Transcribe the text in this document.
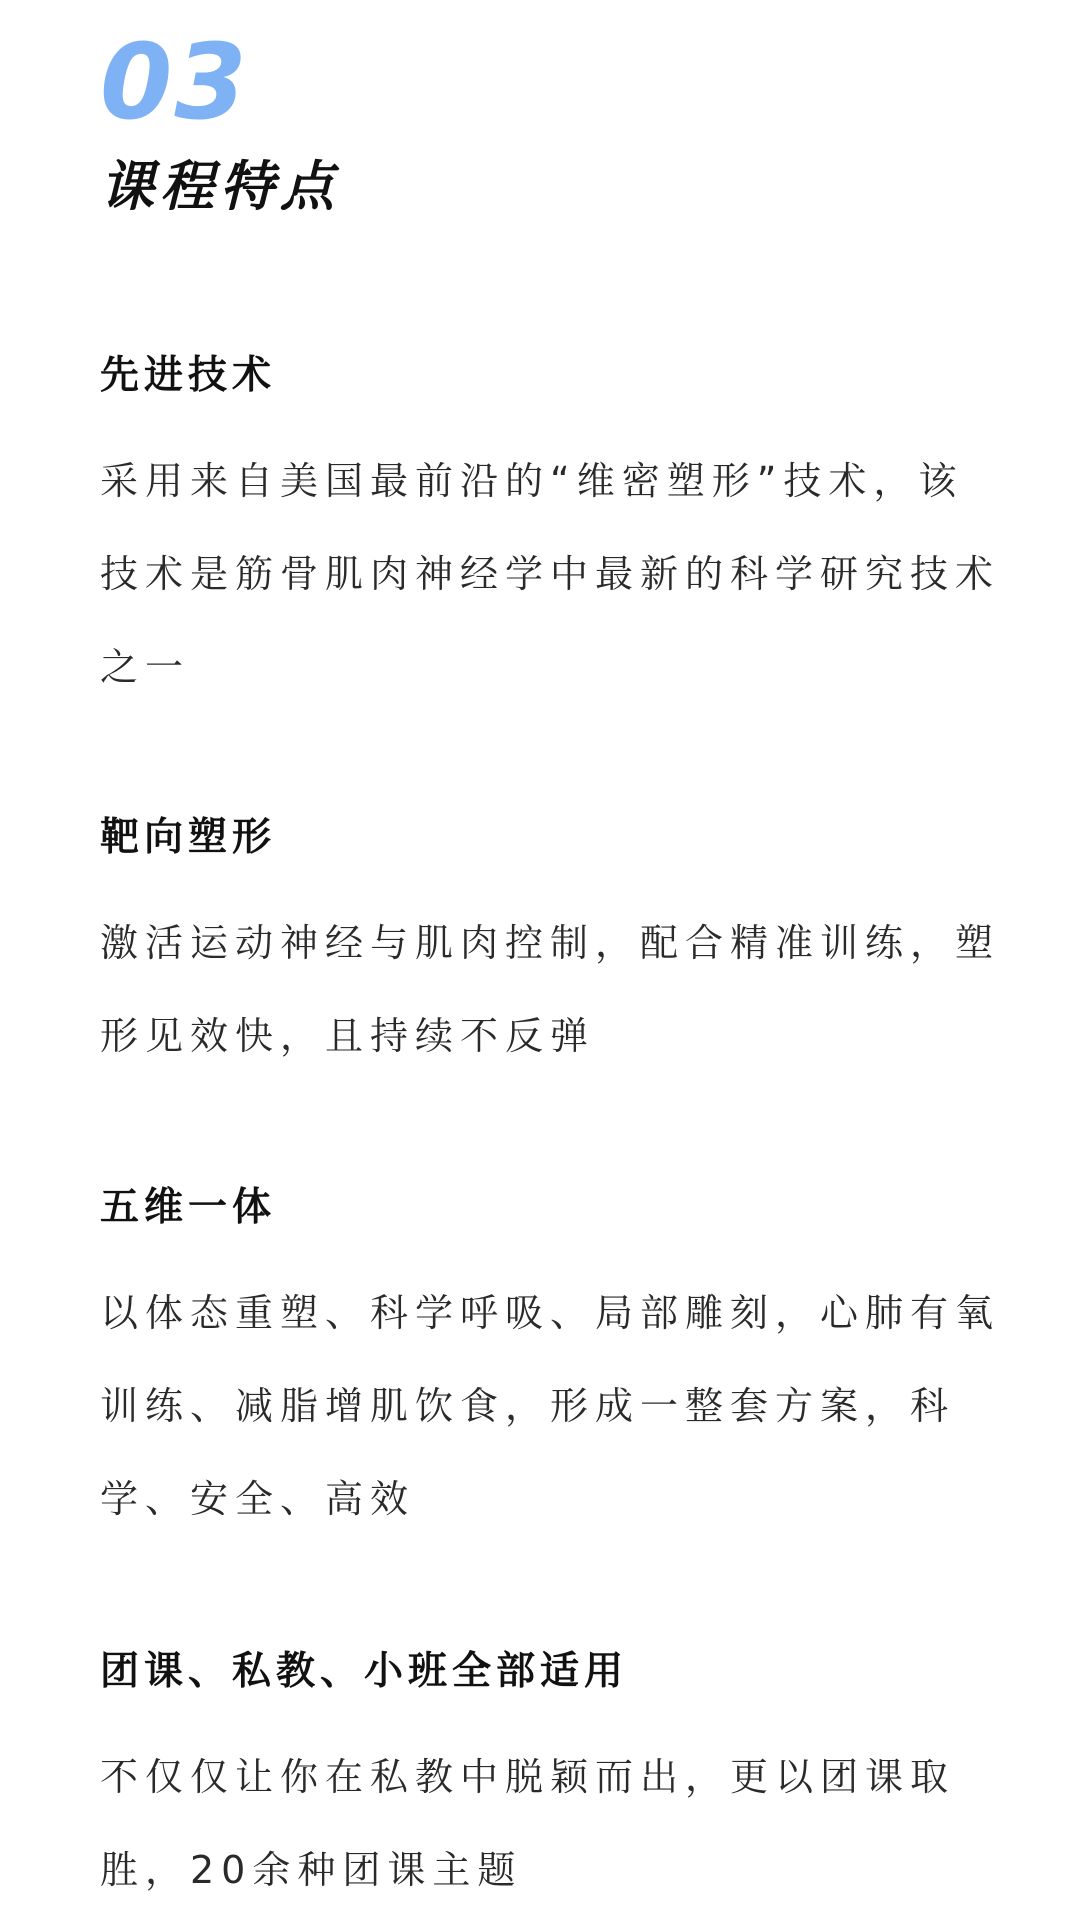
03
课程特点
先进技术

采用来自美国最前沿的“维密塑形”技术，该技术是筋骨肌肉神经学中最新的科学研究技术之一

靶向塑形

激活运动神经与肌肉控制，配合精准训练，塑形见效快，且持续不反弹

五维一体

以体态重塑、科学呼吸、局部雕刻，心肺有氧训练、减脂增肌饮食，形成一整套方案，科学、安全、高效

团课、私教、小班全部适用

不仅仅让你在私教中脱颖而出，更以团课取胜，20余种团课主题
